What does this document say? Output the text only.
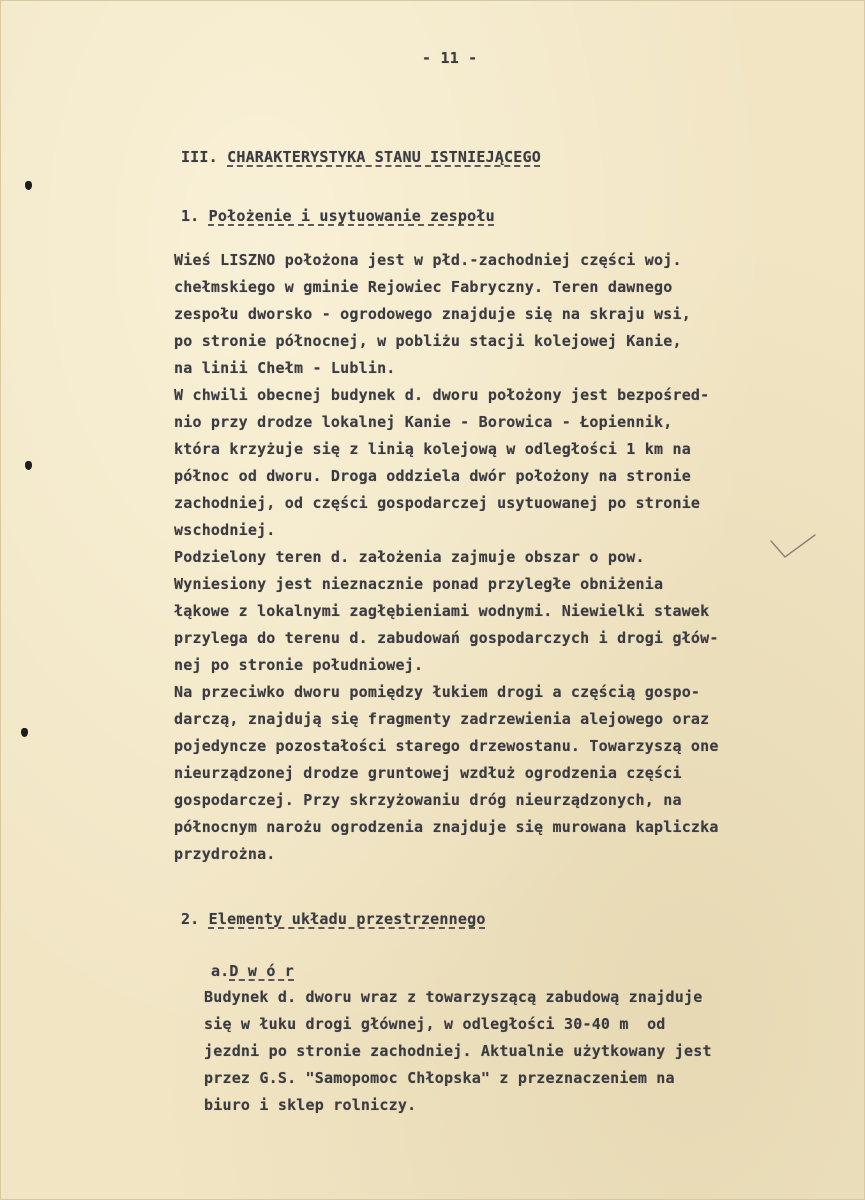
- 11 -

III. CHARAKTERYSTYKA STANU ISTNIEJĄCEGO

1. Położenie i usytuowanie zespołu

Wieś LISZNO położona jest w płd.-zachodniej części woj.
chełmskiego w gminie Rejowiec Fabryczny. Teren dawnego
zespołu dworsko - ogrodowego znajduje się na skraju wsi,
po stronie północnej, w pobliżu stacji kolejowej Kanie,
na linii Chełm - Lublin.
W chwili obecnej budynek d. dworu położony jest bezpośred-
nio przy drodze lokalnej Kanie - Borowica - Łopiennik,
która krzyżuje się z linią kolejową w odległości 1 km na
północ od dworu. Droga oddziela dwór położony na stronie
zachodniej, od części gospodarczej usytuowanej po stronie
wschodniej.
Podzielony teren d. założenia zajmuje obszar o pow.
Wyniesiony jest nieznacznie ponad przyległe obniżenia
łąkowe z lokalnymi zagłębieniami wodnymi. Niewielki stawek
przylega do terenu d. zabudowań gospodarczych i drogi głów-
nej po stronie południowej.
Na przeciwko dworu pomiędzy łukiem drogi a częścią gospo-
darczą, znajdują się fragmenty zadrzewienia alejowego oraz
pojedyncze pozostałości starego drzewostanu. Towarzyszą one
nieurządzonej drodze gruntowej wzdłuż ogrodzenia części
gospodarczej. Przy skrzyżowaniu dróg nieurządzonych, na
północnym narożu ogrodzenia znajduje się murowana kapliczka
przydrożna.

2. Elementy układu przestrzennego

a.D w ó r

Budynek d. dworu wraz z towarzyszącą zabudową znajduje
się w łuku drogi głównej, w odległości 30-40 m  od
jezdni po stronie zachodniej. Aktualnie użytkowany jest
przez G.S. "Samopomoc Chłopska" z przeznaczeniem na
biuro i sklep rolniczy.
